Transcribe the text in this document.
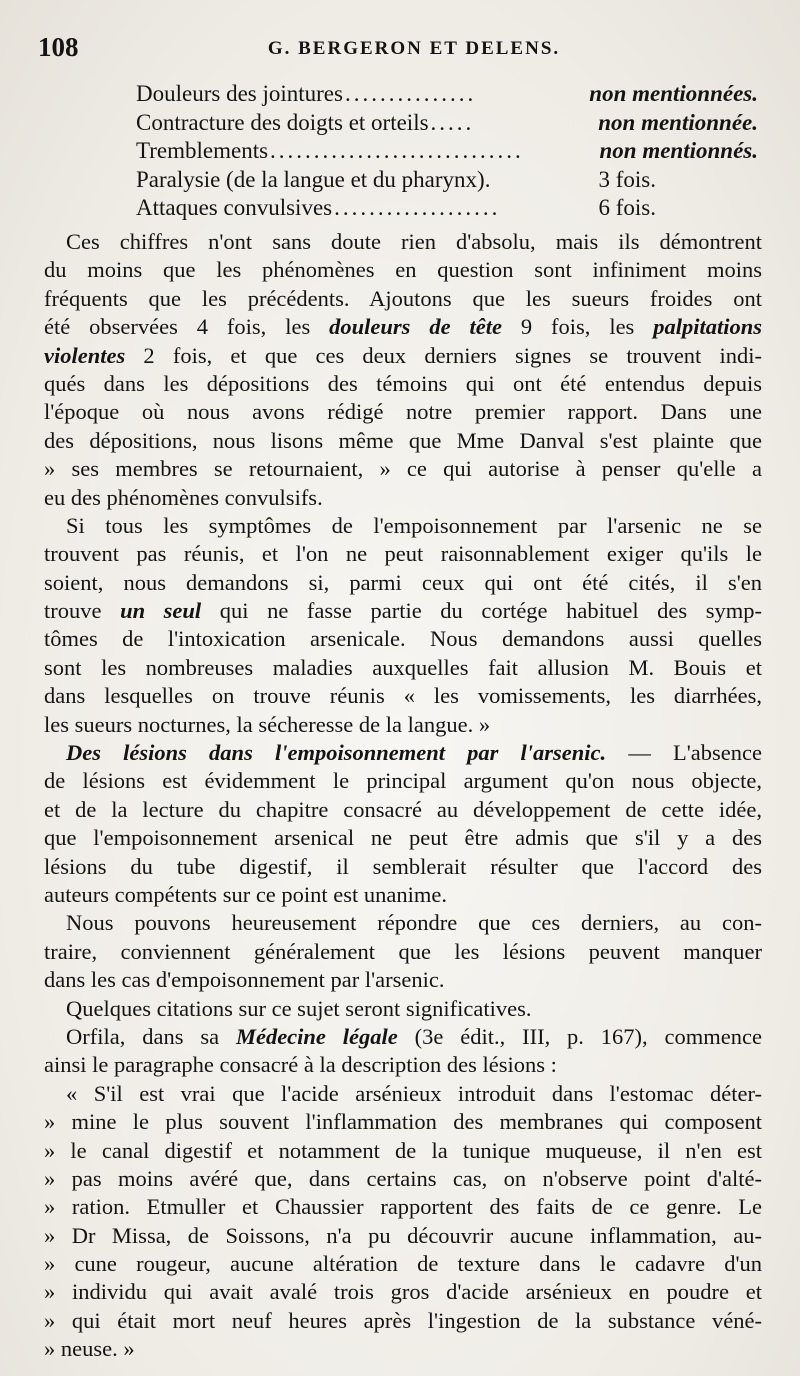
108	G. BERGERON ET DELENS.
Douleurs des jointures ...............	non mentionnées.
Contracture des doigts et orteils .....	non mentionnée.
Tremblements .............................	non mentionnés.
Paralysie (de la langue et du pharynx).	3 fois.
Attaques convulsives ...................	6 fois.
Ces chiffres n'ont sans doute rien d'absolu, mais ils démontrent
du moins que les phénomènes en question sont infiniment moins
fréquents que les précédents. Ajoutons que les sueurs froides ont
été observées 4 fois, les douleurs de tête 9 fois, les palpitations
violentes 2 fois, et que ces deux derniers signes se trouvent indi-
qués dans les dépositions des témoins qui ont été entendus depuis
l'époque où nous avons rédigé notre premier rapport. Dans une
des dépositions, nous lisons même que Mme Danval s'est plainte que
» ses membres se retournaient, » ce qui autorise à penser qu'elle a
eu des phénomènes convulsifs.
Si tous les symptômes de l'empoisonnement par l'arsenic ne se
trouvent pas réunis, et l'on ne peut raisonnablement exiger qu'ils le
soient, nous demandons si, parmi ceux qui ont été cités, il s'en
trouve un seul qui ne fasse partie du cortége habituel des symp-
tômes de l'intoxication arsenicale. Nous demandons aussi quelles
sont les nombreuses maladies auxquelles fait allusion M. Bouis et
dans lesquelles on trouve réunis « les vomissements, les diarrhées,
les sueurs nocturnes, la sécheresse de la langue. »
Des lésions dans l'empoisonnement par l'arsenic. — L'absence
de lésions est évidemment le principal argument qu'on nous objecte,
et de la lecture du chapitre consacré au développement de cette idée,
que l'empoisonnement arsenical ne peut être admis que s'il y a des
lésions du tube digestif, il semblerait résulter que l'accord des
auteurs compétents sur ce point est unanime.
Nous pouvons heureusement répondre que ces derniers, au con-
traire, conviennent généralement que les lésions peuvent manquer
dans les cas d'empoisonnement par l'arsenic.
Quelques citations sur ce sujet seront significatives.
Orfila, dans sa Médecine légale (3e édit., III, p. 167), commence
ainsi le paragraphe consacré à la description des lésions :
« S'il est vrai que l'acide arsénieux introduit dans l'estomac déter-
» mine le plus souvent l'inflammation des membranes qui composent
» le canal digestif et notamment de la tunique muqueuse, il n'en est
» pas moins avéré que, dans certains cas, on n'observe point d'alté-
» ration. Etmuller et Chaussier rapportent des faits de ce genre. Le
» Dr Missa, de Soissons, n'a pu découvrir aucune inflammation, au-
» cune rougeur, aucune altération de texture dans le cadavre d'un
» individu qui avait avalé trois gros d'acide arsénieux en poudre et
» qui était mort neuf heures après l'ingestion de la substance véné-
» neuse. »
